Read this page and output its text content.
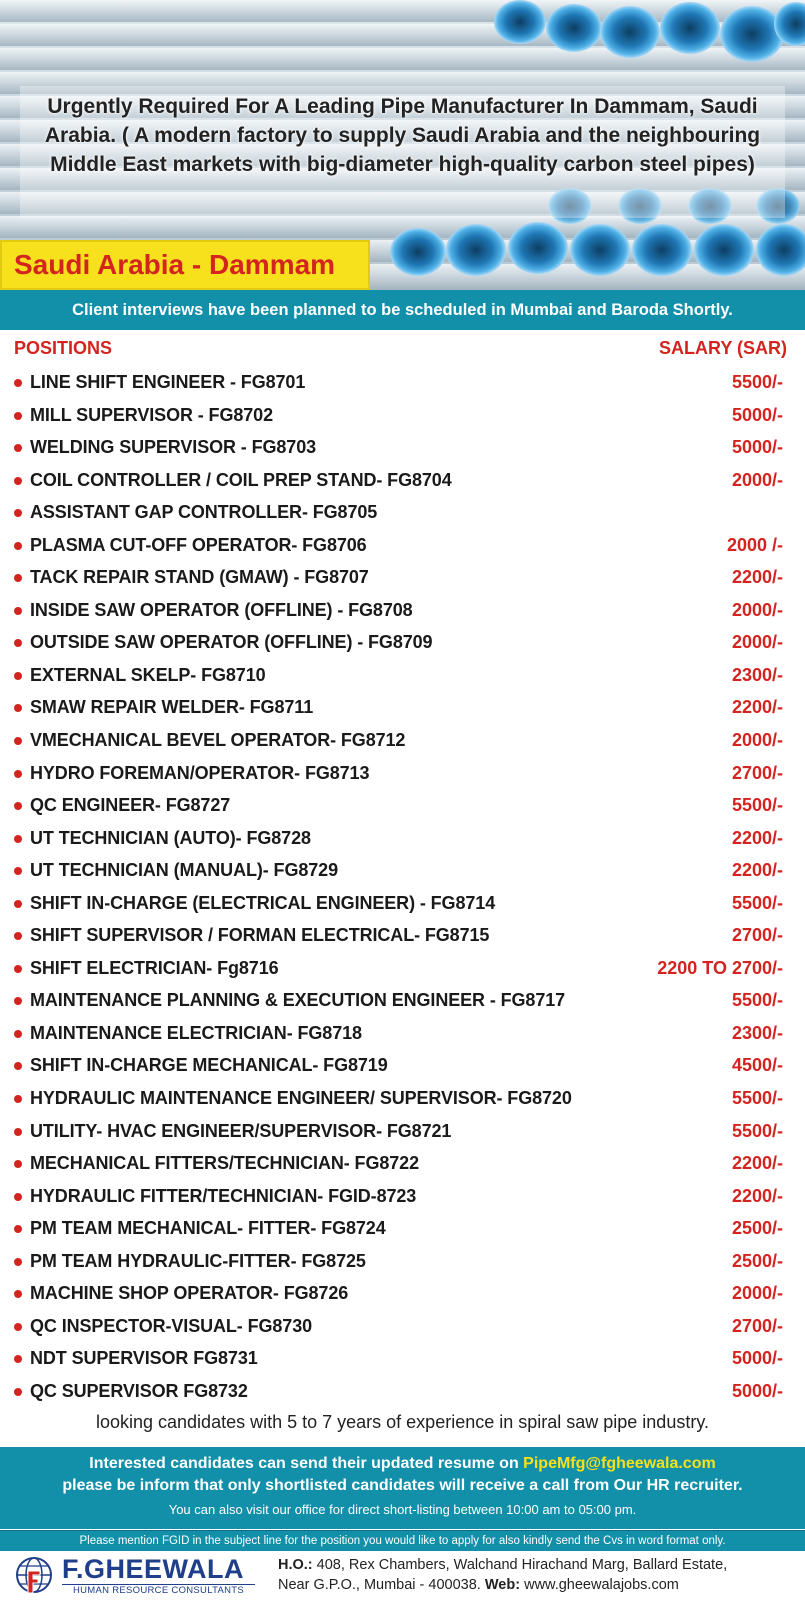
Urgently Required For A Leading Pipe Manufacturer In Dammam, Saudi Arabia. ( A modern factory to supply Saudi Arabia and the neighbouring Middle East markets with big-diameter high-quality carbon steel pipes)

Saudi Arabia - Dammam
Client interviews have been planned to be scheduled in Mumbai and Baroda Shortly.
POSITIONS	SALARY (SAR)
LINE SHIFT ENGINEER - FG8701	5500/-
MILL SUPERVISOR - FG8702	5000/-
WELDING SUPERVISOR - FG8703	5000/-
COIL CONTROLLER / COIL PREP STAND- FG8704	2000/-
ASSISTANT GAP CONTROLLER- FG8705
PLASMA CUT-OFF OPERATOR- FG8706	2000 /-
TACK REPAIR STAND (GMAW) - FG8707	2200/-
INSIDE SAW OPERATOR (OFFLINE) - FG8708	2000/-
OUTSIDE SAW OPERATOR (OFFLINE) - FG8709	2000/-
EXTERNAL SKELP- FG8710	2300/-
SMAW REPAIR WELDER- FG8711	2200/-
VMECHANICAL BEVEL OPERATOR- FG8712	2000/-
HYDRO FOREMAN/OPERATOR- FG8713	2700/-
QC ENGINEER- FG8727	5500/-
UT TECHNICIAN (AUTO)- FG8728	2200/-
UT TECHNICIAN (MANUAL)- FG8729	2200/-
SHIFT IN-CHARGE (ELECTRICAL ENGINEER) - FG8714	5500/-
SHIFT SUPERVISOR / FORMAN ELECTRICAL- FG8715	2700/-
SHIFT ELECTRICIAN- Fg8716	2200 TO 2700/-
MAINTENANCE PLANNING & EXECUTION ENGINEER - FG8717	5500/-
MAINTENANCE ELECTRICIAN- FG8718	2300/-
SHIFT IN-CHARGE MECHANICAL- FG8719	4500/-
HYDRAULIC MAINTENANCE ENGINEER/ SUPERVISOR- FG8720	5500/-
UTILITY- HVAC ENGINEER/SUPERVISOR- FG8721	5500/-
MECHANICAL FITTERS/TECHNICIAN- FG8722	2200/-
HYDRAULIC FITTER/TECHNICIAN- FGID-8723	2200/-
PM TEAM MECHANICAL- FITTER- FG8724	2500/-
PM TEAM HYDRAULIC-FITTER- FG8725	2500/-
MACHINE SHOP OPERATOR- FG8726	2000/-
QC INSPECTOR-VISUAL- FG8730	2700/-
NDT SUPERVISOR FG8731	5000/-
QC SUPERVISOR FG8732	5000/-

looking candidates with 5 to 7 years of experience in spiral saw pipe industry.

Interested candidates can send their updated resume on PipeMfg@fgheewala.com
please be inform that only shortlisted candidates will receive a call from Our HR recruiter.
You can also visit our office for direct short-listing between 10:00 am to 05:00 pm.
Please mention FGID in the subject line for the position you would like to apply for also kindly send the Cvs in word format only.
F.GHEEWALA
HUMAN RESOURCE CONSULTANTS
H.O.: 408, Rex Chambers, Walchand Hirachand Marg, Ballard Estate,
Near G.P.O., Mumbai - 400038. Web: www.gheewalajobs.com
